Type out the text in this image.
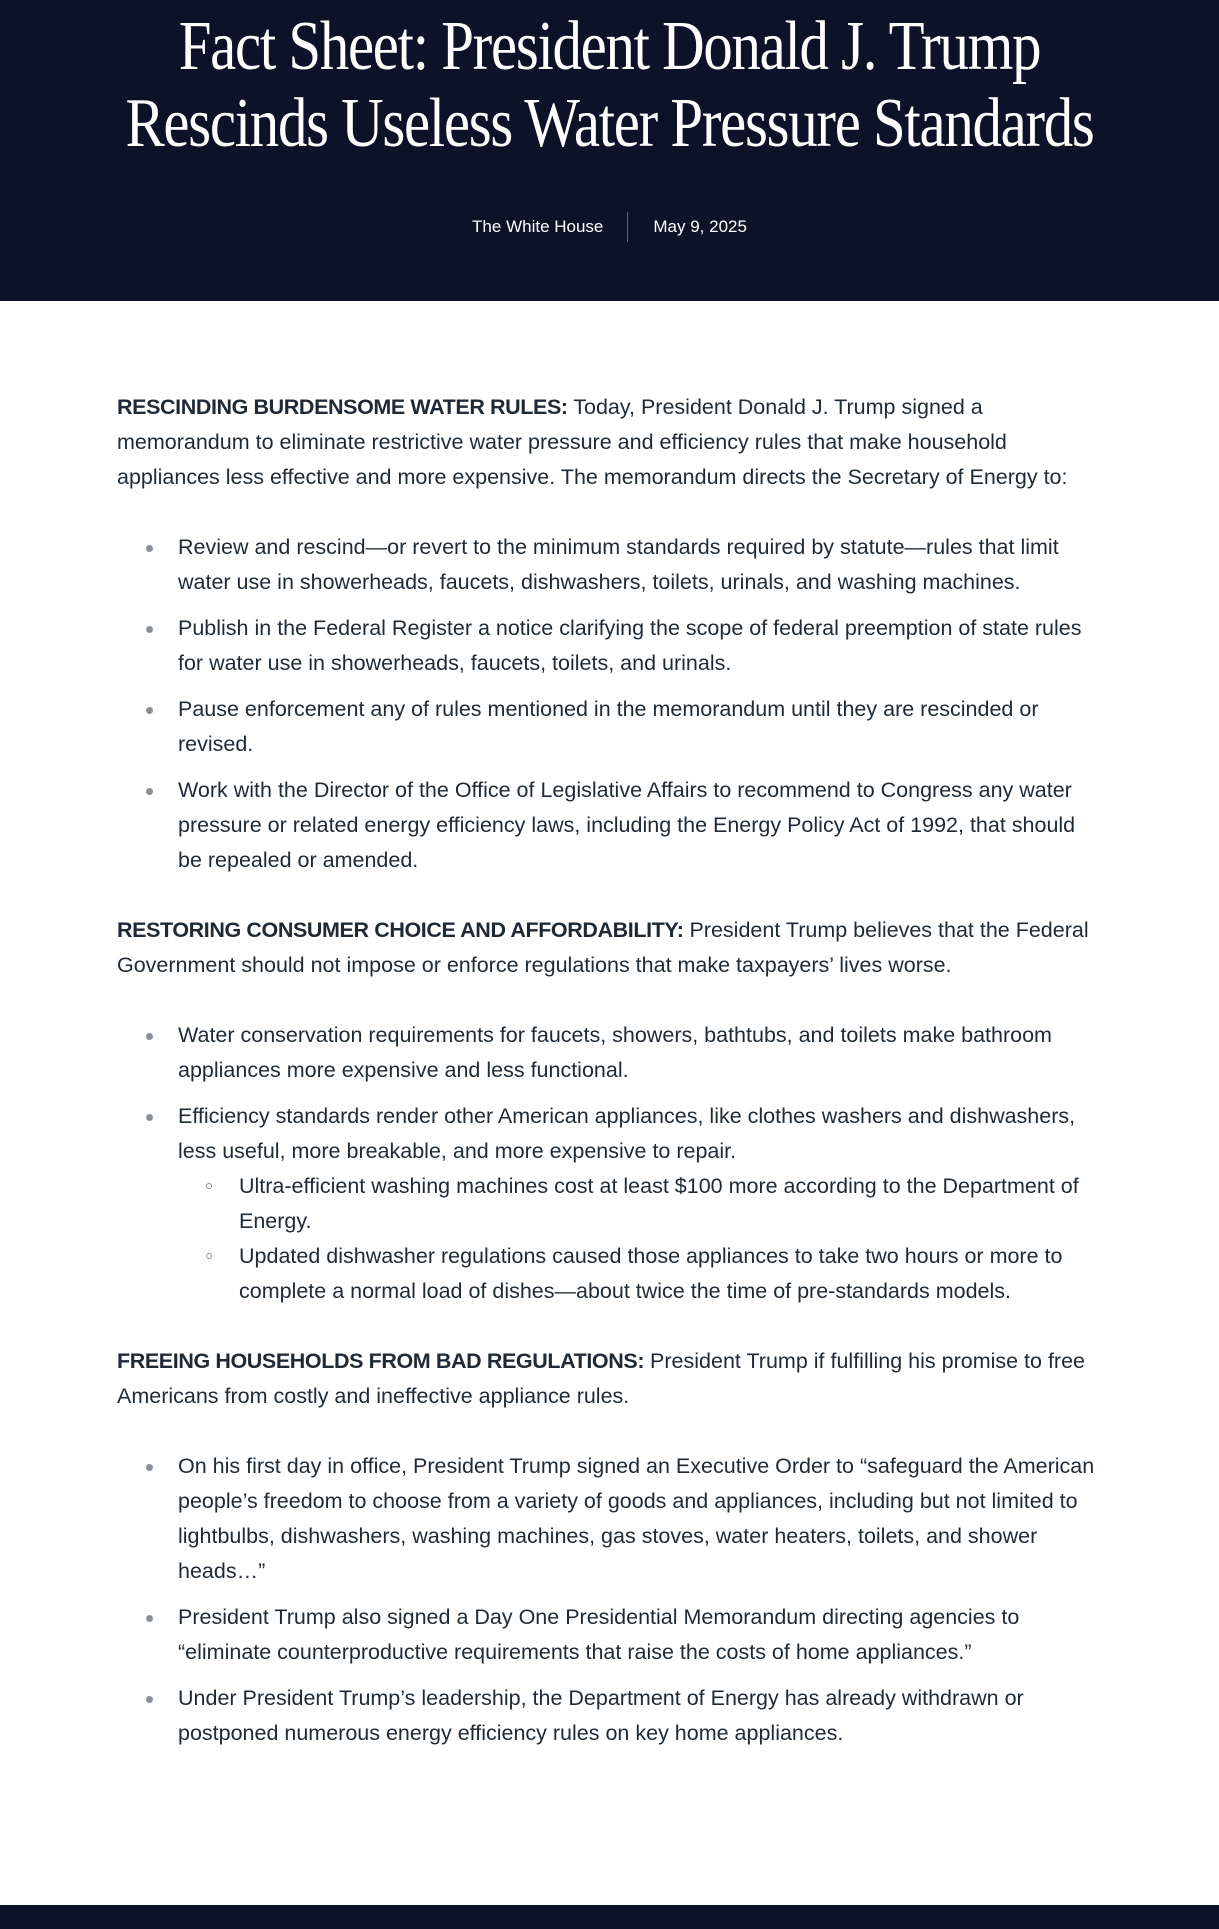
Fact Sheet: President Donald J. Trump
Rescinds Useless Water Pressure Standards
The White House	May 9, 2025

RESCINDING BURDENSOME WATER RULES: Today, President Donald J. Trump signed a memorandum to eliminate restrictive water pressure and efficiency rules that make household appliances less effective and more expensive. The memorandum directs the Secretary of Energy to:

Review and rescind—or revert to the minimum standards required by statute—rules that limit water use in showerheads, faucets, dishwashers, toilets, urinals, and washing machines.
Publish in the Federal Register a notice clarifying the scope of federal preemption of state rules for water use in showerheads, faucets, toilets, and urinals.
Pause enforcement any of rules mentioned in the memorandum until they are rescinded or revised.
Work with the Director of the Office of Legislative Affairs to recommend to Congress any water pressure or related energy efficiency laws, including the Energy Policy Act of 1992, that should be repealed or amended.

RESTORING CONSUMER CHOICE AND AFFORDABILITY: President Trump believes that the Federal Government should not impose or enforce regulations that make taxpayers’ lives worse.

Water conservation requirements for faucets, showers, bathtubs, and toilets make bathroom appliances more expensive and less functional.
Efficiency standards render other American appliances, like clothes washers and dishwashers, less useful, more breakable, and more expensive to repair.
Ultra-efficient washing machines cost at least $100 more according to the Department of Energy.
Updated dishwasher regulations caused those appliances to take two hours or more to complete a normal load of dishes—about twice the time of pre-standards models.

FREEING HOUSEHOLDS FROM BAD REGULATIONS: President Trump if fulfilling his promise to free Americans from costly and ineffective appliance rules.

On his first day in office, President Trump signed an Executive Order to “safeguard the American people’s freedom to choose from a variety of goods and appliances, including but not limited to lightbulbs, dishwashers, washing machines, gas stoves, water heaters, toilets, and shower heads…”
President Trump also signed a Day One Presidential Memorandum directing agencies to “eliminate counterproductive requirements that raise the costs of home appliances.”
Under President Trump’s leadership, the Department of Energy has already withdrawn or postponed numerous energy efficiency rules on key home appliances.
